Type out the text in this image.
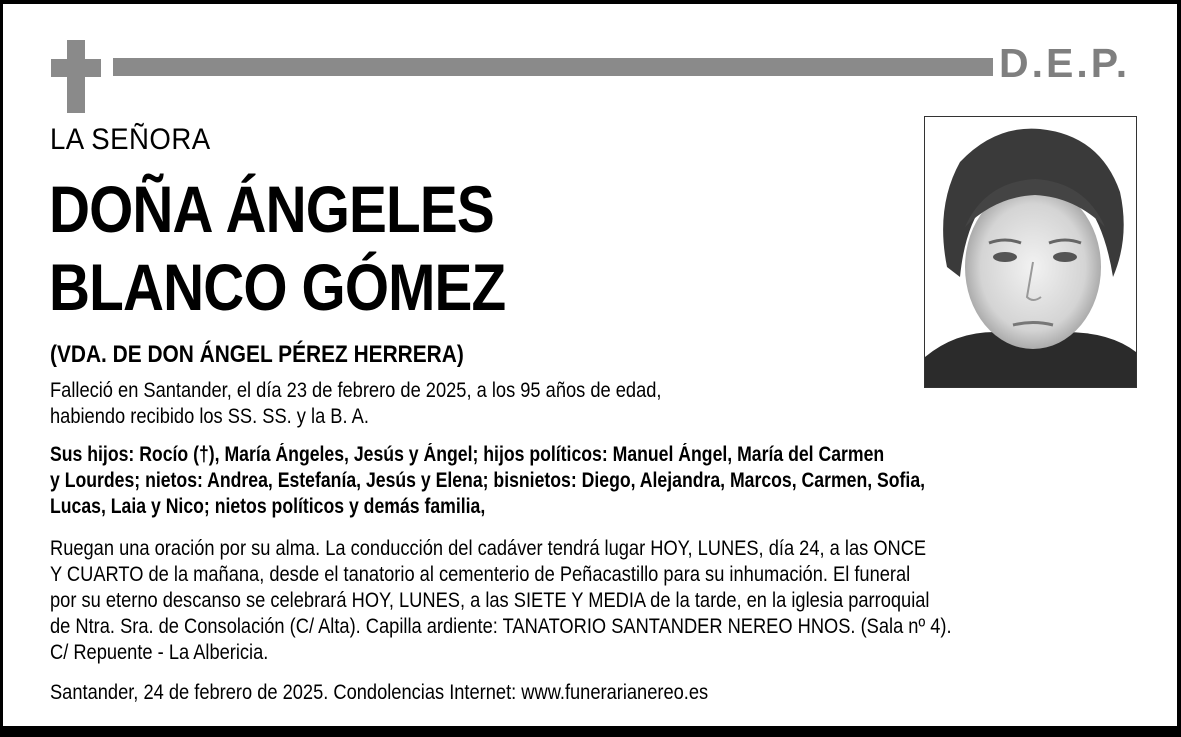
D.E.P.
LA SEÑORA
DOÑA ÁNGELES
BLANCO GÓMEZ
(VDA. DE DON ÁNGEL PÉREZ HERRERA)
Falleció en Santander, el día 23 de febrero de 2025, a los 95 años de edad,
habiendo recibido los SS. SS. y la B. A.
Sus hijos: Rocío (†), María Ángeles, Jesús y Ángel; hijos políticos: Manuel Ángel, María del Carmen
y Lourdes; nietos: Andrea, Estefanía, Jesús y Elena; bisnietos: Diego, Alejandra, Marcos, Carmen, Sofia,
Lucas, Laia y Nico; nietos políticos y demás familia,
Ruegan una oración por su alma. La conducción del cadáver tendrá lugar HOY, LUNES, día 24, a las ONCE
Y CUARTO de la mañana, desde el tanatorio al cementerio de Peñacastillo para su inhumación. El funeral
por su eterno descanso se celebrará HOY, LUNES, a las SIETE Y MEDIA de la tarde, en la iglesia parroquial
de Ntra. Sra. de Consolación (C/ Alta). Capilla ardiente: TANATORIO SANTANDER NEREO HNOS. (Sala nº 4).
C/ Repuente - La Albericia.
Santander, 24 de febrero de 2025. Condolencias Internet: www.funerarianereo.es
